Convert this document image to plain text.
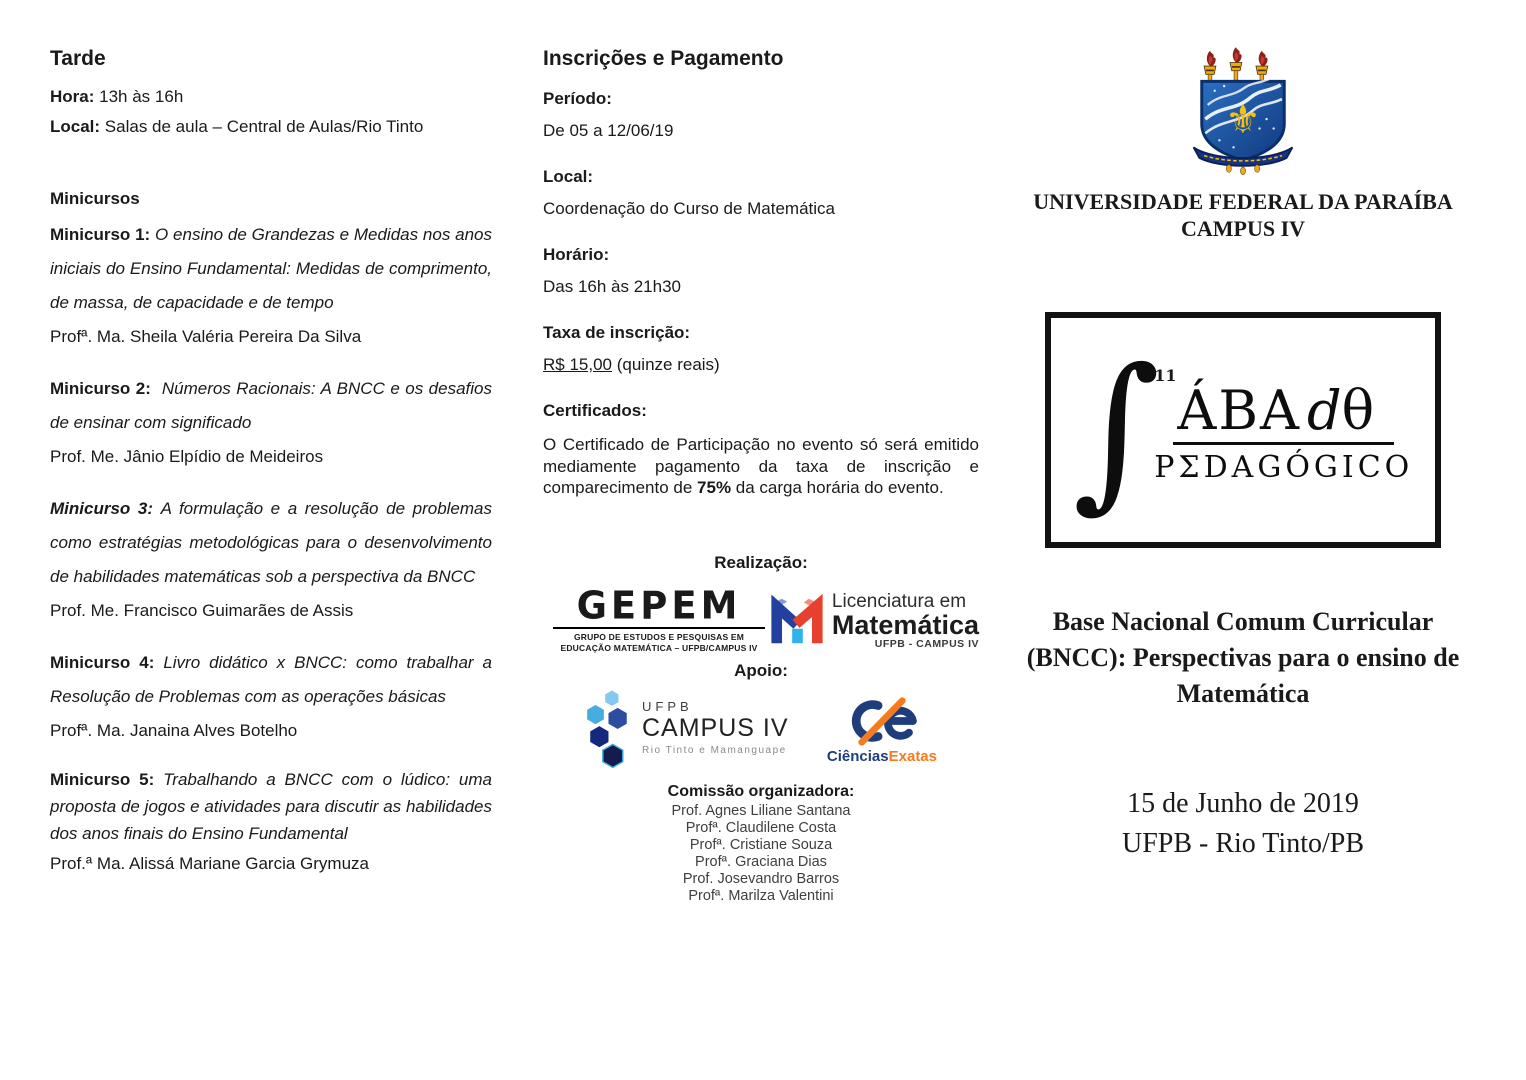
Tarde

Hora: 13h às 16h

Local: Salas de aula – Central de Aulas/Rio Tinto

Minicursos

Minicurso 1: O ensino de Grandezas e Medidas nos anos iniciais do Ensino Fundamental: Medidas de comprimento, de massa, de capacidade e de tempo

Profª. Ma. Sheila Valéria Pereira Da Silva

Minicurso 2: Números Racionais: A BNCC e os desafios de ensinar com significado

Prof. Me. Jânio Elpídio de Meideiros

Minicurso 3: A formulação e a resolução de problemas como estratégias metodológicas para o desenvolvimento de habilidades matemáticas sob a perspectiva da BNCC

Prof. Me. Francisco Guimarães de Assis

Minicurso 4: Livro didático x BNCC: como trabalhar a Resolução de Problemas com as operações básicas

Profª. Ma. Janaina Alves Botelho

Minicurso 5: Trabalhando a BNCC com o lúdico: uma proposta de jogos e atividades para discutir as habilidades dos anos finais do Ensino Fundamental

Prof.ª Ma. Alissá Mariane Garcia Grymuza

Inscrições e Pagamento

Período:

De 05 a 12/06/19

Local:

Coordenação do Curso de Matemática

Horário:

Das 16h às 21h30

Taxa de inscrição:

R$ 15,00 (quinze reais)

Certificados:

O Certificado de Participação no evento só será emitido mediamente pagamento da taxa de inscrição e comparecimento de 75% da carga horária do evento.

Realização:

GEPEM
GRUPO DE ESTUDOS E PESQUISAS EM
EDUCAÇÃO MATEMÁTICA – UFPB/CAMPUS IV
Licenciatura em
Matemática
UFPB - CAMPUS IV

Apoio:

UFPB
CAMPUS IV
Rio Tinto e Mamanguape	CiênciasExatas

Comissão organizadora:

Prof. Agnes Liliane Santana

Profª. Claudilene Costa

Profª. Cristiane Souza

Profª. Graciana Dias

Prof. Josevandro Barros

Profª. Marilza Valentini

⚜

UNIVERSIDADE FEDERAL DA PARAÍBA

CAMPUS IV

∫
11
ÁBA dθ
PΣDAGÓGICO

Base Nacional Comum Curricular (BNCC): Perspectivas para o ensino de Matemática

15 de Junho de 2019
UFPB - Rio Tinto/PB
